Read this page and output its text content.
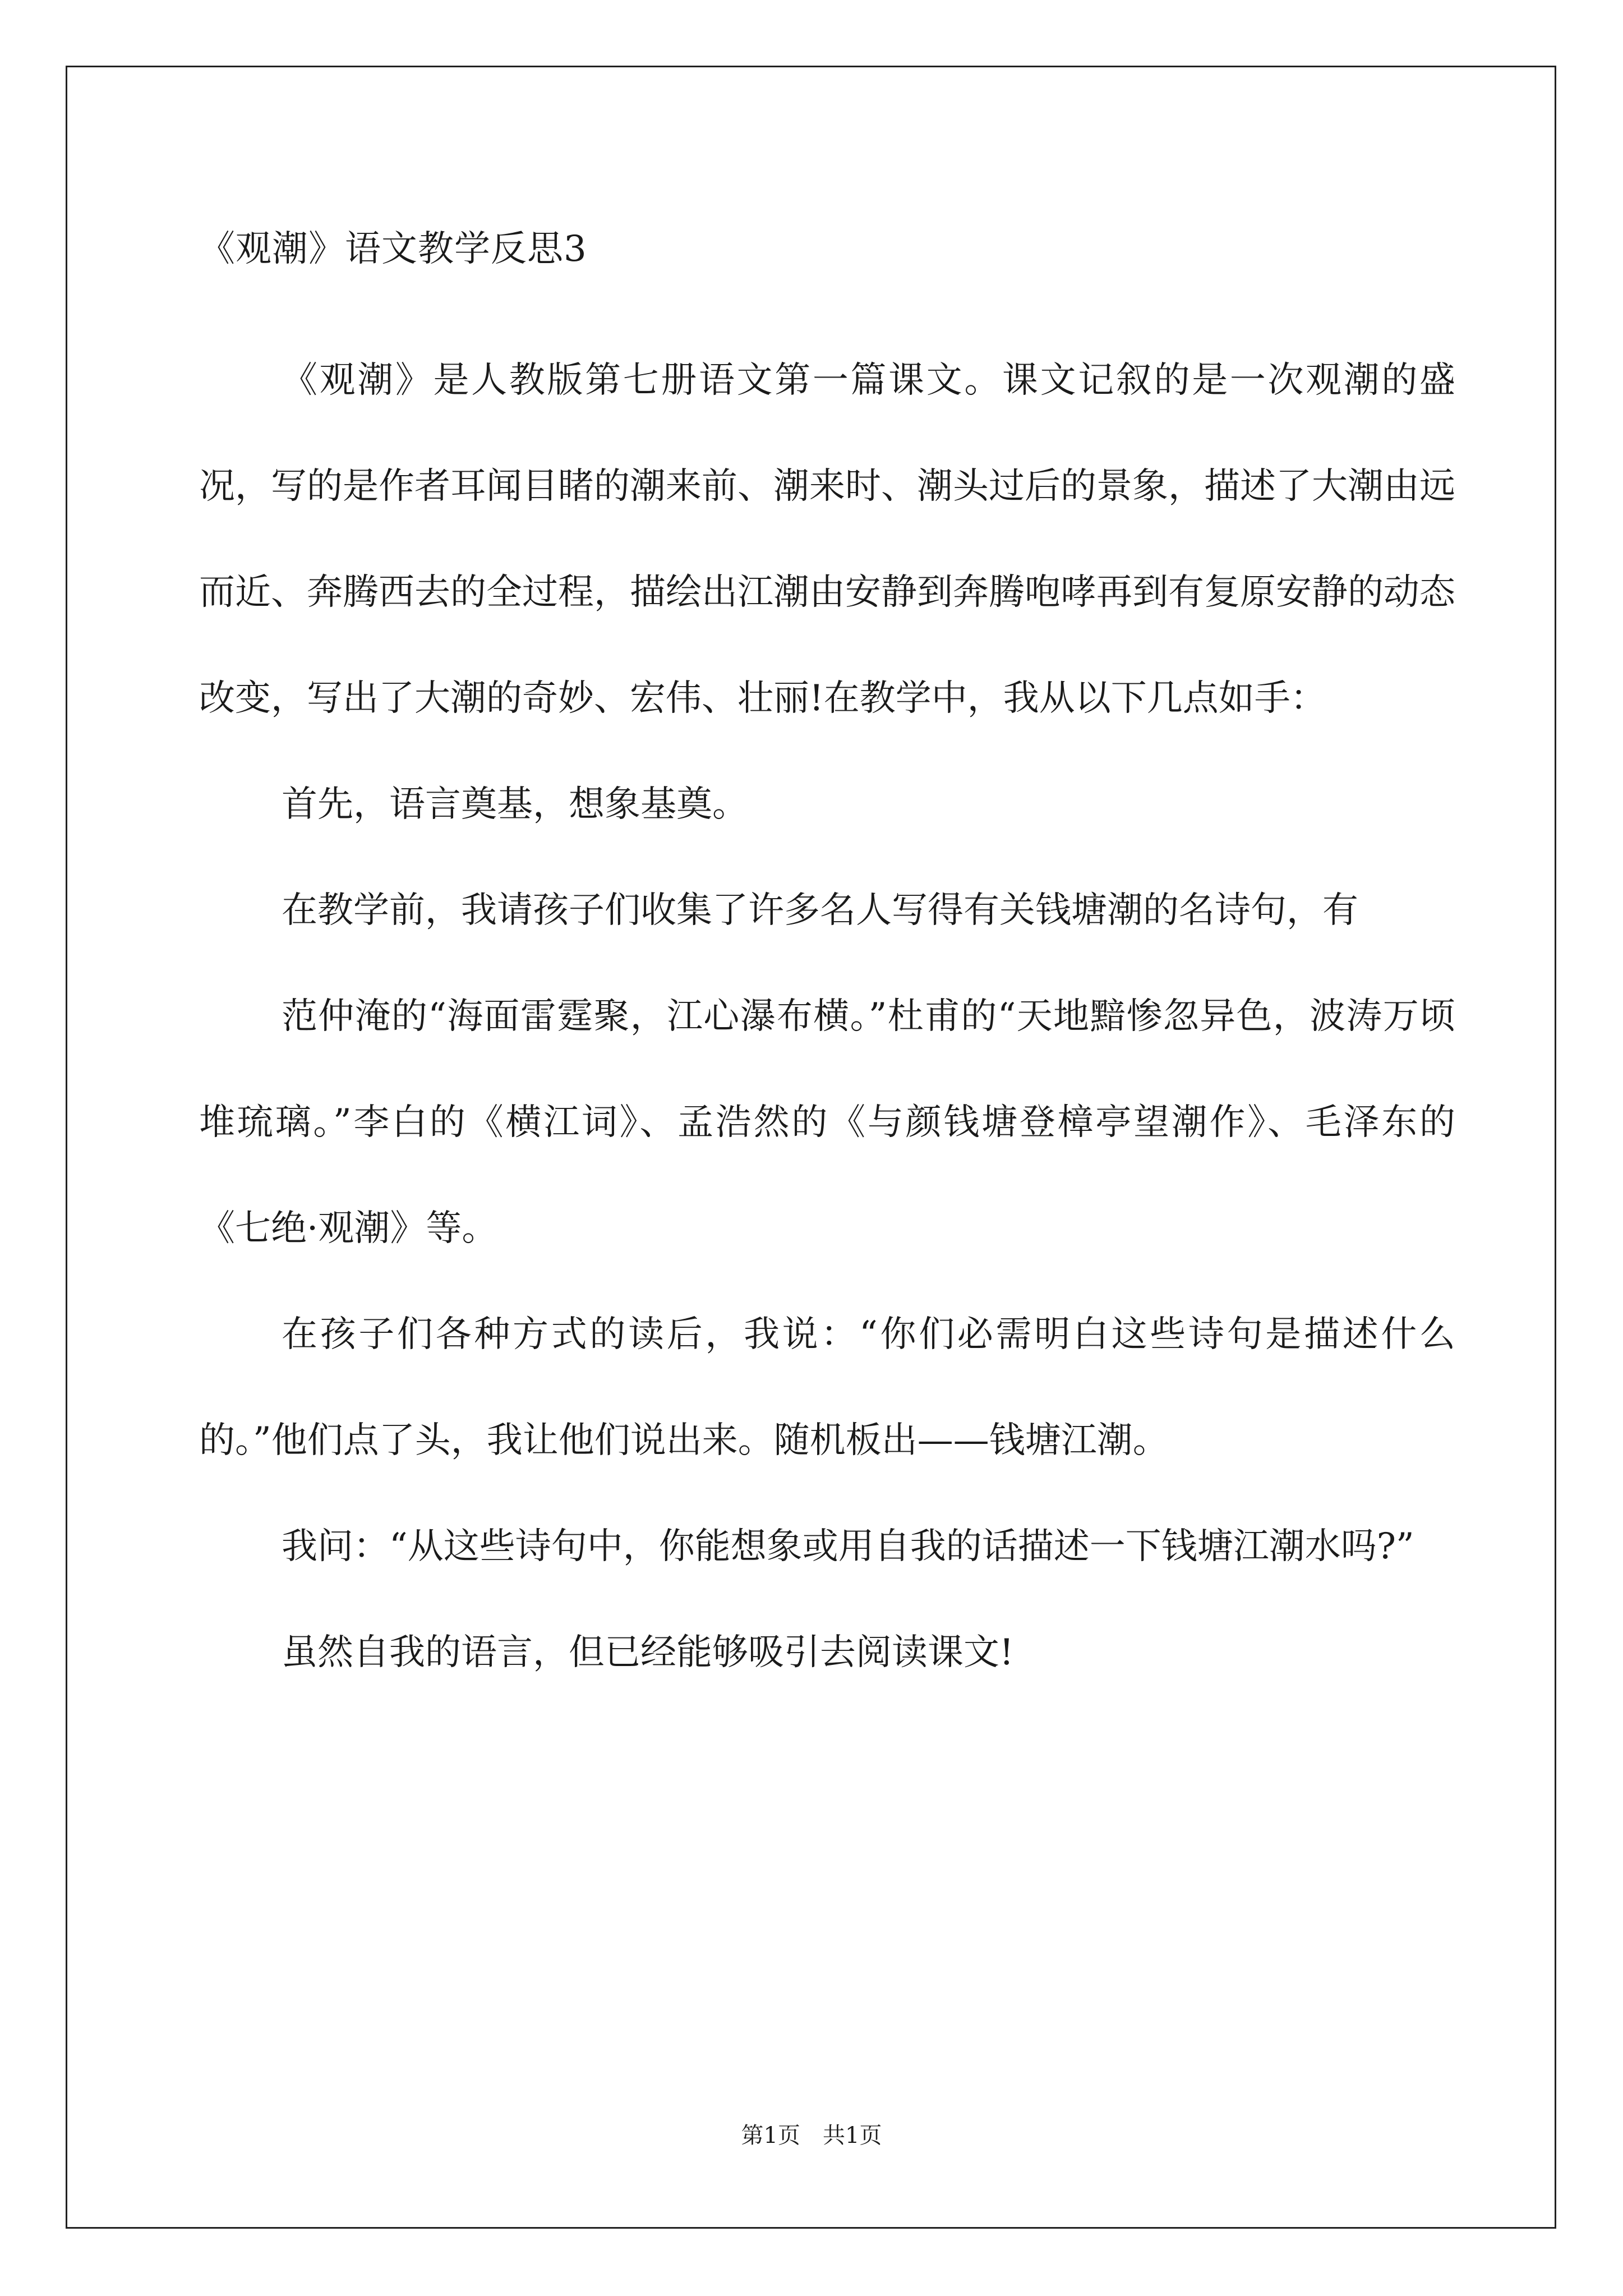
《观潮》语文教学反思3

《观潮》是人教版第七册语文第一篇课文。课文记叙的是一次观潮的盛况，写的是作者耳闻目睹的潮来前、潮来时、潮头过后的景象，描述了大潮由远而近、奔腾西去的全过程，描绘出江潮由安静到奔腾咆哮再到有复原安静的动态改变，写出了大潮的奇妙、宏伟、壮丽!在教学中，我从以下几点如手：

首先，语言奠基，想象基奠。

在教学前，我请孩子们收集了许多名人写得有关钱塘潮的名诗句，有

范仲淹的“海面雷霆聚，江心瀑布横。”杜甫的“天地黯惨忽异色，波涛万顷堆琉璃。”李白的《横江词》、孟浩然的《与颜钱塘登樟亭望潮作》、毛泽东的《七绝·观潮》等。

在孩子们各种方式的读后，我说：“你们必需明白这些诗句是描述什么的。”他们点了头，我让他们说出来。随机板出——钱塘江潮。

我问：“从这些诗句中，你能想象或用自我的话描述一下钱塘江潮水吗?”

虽然自我的语言，但已经能够吸引去阅读课文!

第1页　共1页
